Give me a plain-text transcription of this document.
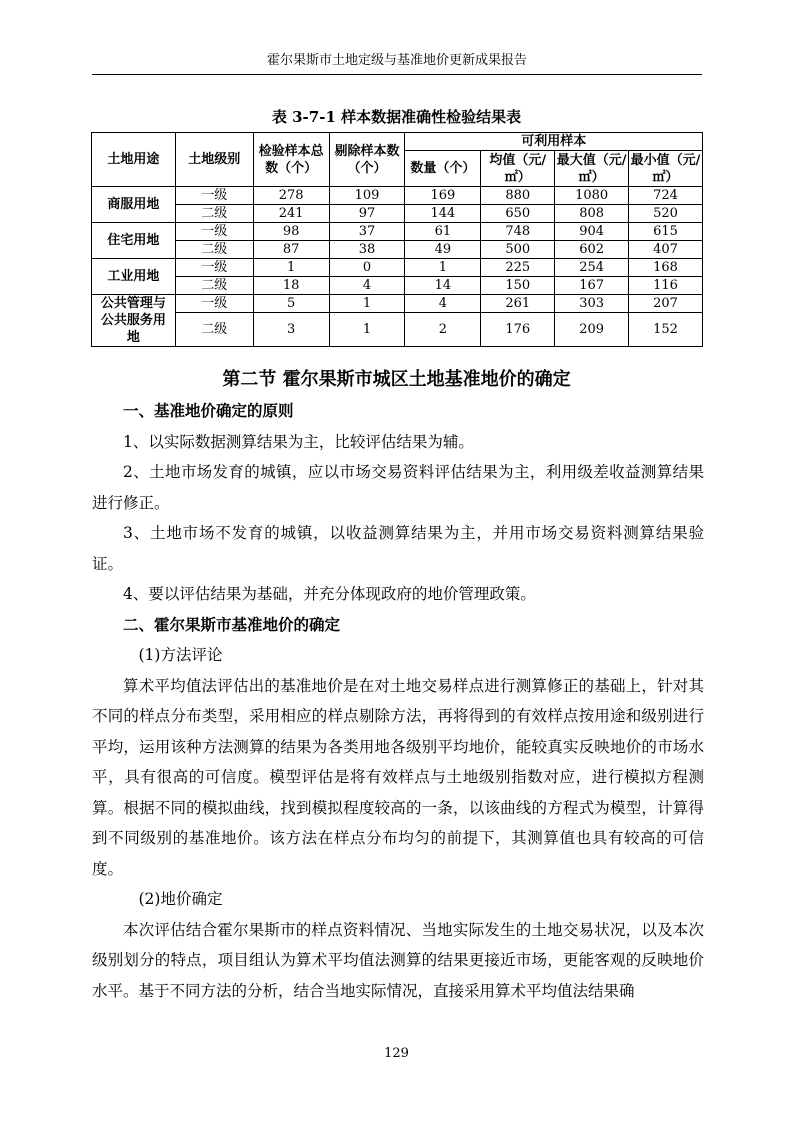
霍尔果斯市土地定级与基准地价更新成果报告
表 3-7-1 样本数据准确性检验结果表
土地用途	土地级别	检验样本总数（个）	剔除样本数（个）	可利用样本			
				数量（个）	均值（元/㎡）	最大值（元/㎡）	最小值（元/㎡）
商服用地	一级	278	109	169	880	1080	724
	二级	241	97	144	650	808	520
住宅用地	一级	98	37	61	748	904	615
	二级	87	38	49	500	602	407
工业用地	一级	1	0	1	225	254	168
	二级	18	4	14	150	167	116
公共管理与公共服务用地	一级	5	1	4	261	303	207
	二级	3	1	2	176	209	152
第二节 霍尔果斯市城区土地基准地价的确定

一、基准地价确定的原则

1、以实际数据测算结果为主，比较评估结果为辅。

2、土地市场发育的城镇，应以市场交易资料评估结果为主，利用级差收益测算结果进行修正。

3、土地市场不发育的城镇，以收益测算结果为主，并用市场交易资料测算结果验证。

4、要以评估结果为基础，并充分体现政府的地价管理政策。

二、霍尔果斯市基准地价的确定

(1)方法评论

算术平均值法评估出的基准地价是在对土地交易样点进行测算修正的基础上，针对其不同的样点分布类型，采用相应的样点剔除方法，再将得到的有效样点按用途和级别进行平均，运用该种方法测算的结果为各类用地各级别平均地价，能较真实反映地价的市场水平，具有很高的可信度。模型评估是将有效样点与土地级别指数对应，进行模拟方程测算。根据不同的模拟曲线，找到模拟程度较高的一条，以该曲线的方程式为模型，计算得到不同级别的基准地价。该方法在样点分布均匀的前提下，其测算值也具有较高的可信度。

(2)地价确定

本次评估结合霍尔果斯市的样点资料情况、当地实际发生的土地交易状况，以及本次级别划分的特点，项目组认为算术平均值法测算的结果更接近市场，更能客观的反映地价水平。基于不同方法的分析，结合当地实际情况，直接采用算术平均值法结果确

129
